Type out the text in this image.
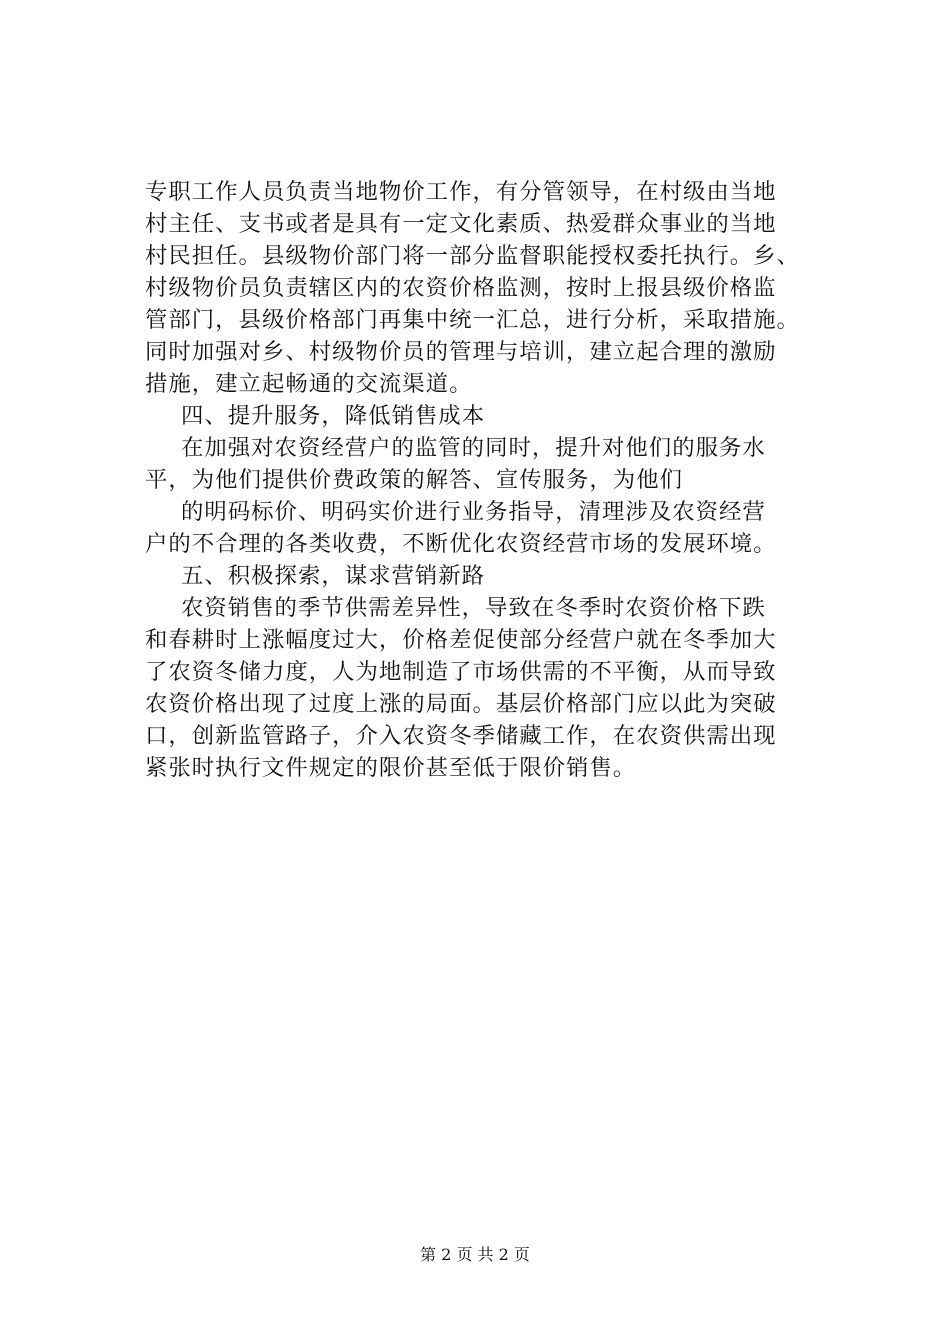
专职工作人员负责当地物价工作，有分管领导，在村级由当地
村主任、支书或者是具有一定文化素质、热爱群众事业的当地
村民担任。县级物价部门将一部分监督职能授权委托执行。乡、
村级物价员负责辖区内的农资价格监测，按时上报县级价格监
管部门，县级价格部门再集中统一汇总，进行分析，采取措施。
同时加强对乡、村级物价员的管理与培训，建立起合理的激励
措施，建立起畅通的交流渠道。
四、提升服务，降低销售成本
在加强对农资经营户的监管的同时，提升对他们的服务水
平，为他们提供价费政策的解答、宣传服务，为他们
的明码标价、明码实价进行业务指导，清理涉及农资经营
户的不合理的各类收费，不断优化农资经营市场的发展环境。
五、积极探索，谋求营销新路
农资销售的季节供需差异性，导致在冬季时农资价格下跌
和春耕时上涨幅度过大，价格差促使部分经营户就在冬季加大
了农资冬储力度，人为地制造了市场供需的不平衡，从而导致
农资价格出现了过度上涨的局面。基层价格部门应以此为突破
口，创新监管路子，介入农资冬季储藏工作，在农资供需出现
紧张时执行文件规定的限价甚至低于限价销售。
第 2 页 共 2 页
